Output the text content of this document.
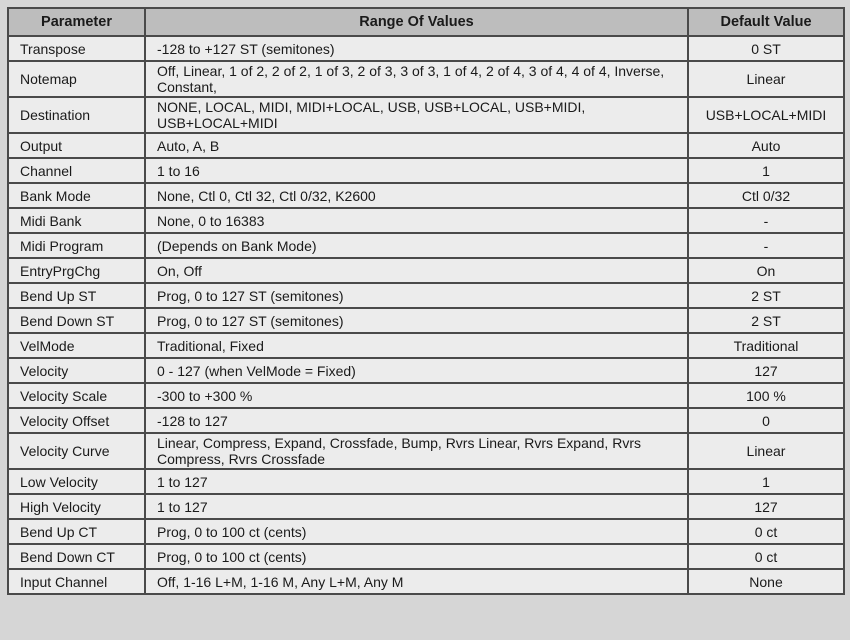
Parameter	Range Of Values	Default Value
Transpose	-128 to +127 ST (semitones)	0 ST
Notemap	Off, Linear, 1 of 2, 2 of 2, 1 of 3, 2 of 3, 3 of 3, 1 of 4, 2 of 4, 3 of 4, 4 of 4, Inverse, Constant,	Linear
Destination	NONE, LOCAL, MIDI, MIDI+LOCAL, USB, USB+LOCAL, USB+MIDI, USB+LOCAL+MIDI	USB+LOCAL+MIDI
Output	Auto, A, B	Auto
Channel	1 to 16	1
Bank Mode	None, Ctl 0, Ctl 32, Ctl 0/32, K2600	Ctl 0/32
Midi Bank	None, 0 to 16383	-
Midi Program	(Depends on Bank Mode)	-
EntryPrgChg	On, Off	On
Bend Up ST	Prog, 0 to 127 ST (semitones)	2 ST
Bend Down ST	Prog, 0 to 127 ST (semitones)	2 ST
VelMode	Traditional, Fixed	Traditional
Velocity	0 - 127 (when VelMode = Fixed)	127
Velocity Scale	-300 to +300 %	100 %
Velocity Offset	-128 to 127	0
Velocity Curve	Linear, Compress, Expand, Crossfade, Bump, Rvrs Linear, Rvrs Expand, Rvrs Compress, Rvrs Crossfade	Linear
Low Velocity	1 to 127	1
High Velocity	1 to 127	127
Bend Up CT	Prog, 0 to 100 ct (cents)	0 ct
Bend Down CT	Prog, 0 to 100 ct (cents)	0 ct
Input Channel	Off, 1-16 L+M, 1-16 M, Any L+M, Any M	None
